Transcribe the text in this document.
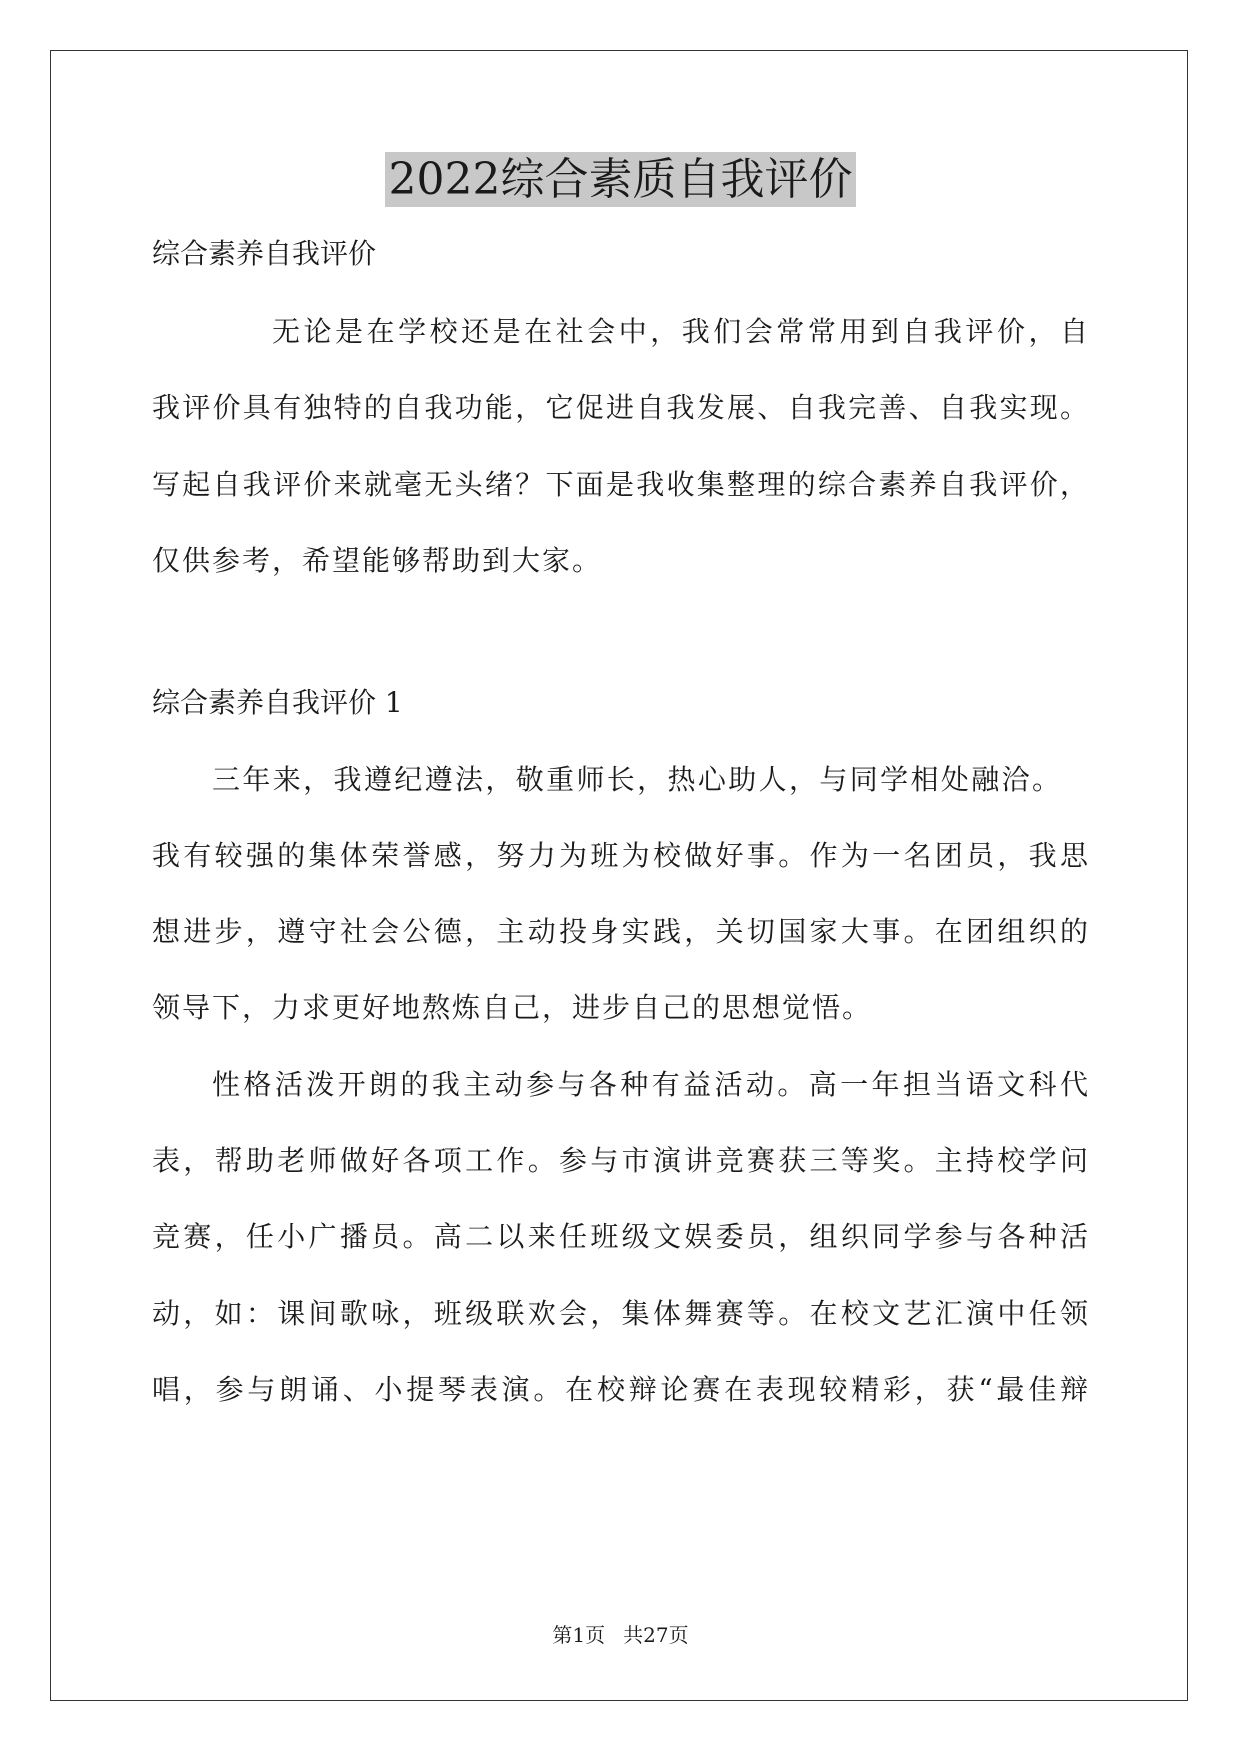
2022综合素质自我评价
综合素养自我评价
无论是在学校还是在社会中，我们会常常用到自我评价，自
我评价具有独特的自我功能，它促进自我发展、自我完善、自我实现。
写起自我评价来就毫无头绪？下面是我收集整理的综合素养自我评价，
仅供参考，希望能够帮助到大家。
综合素养自我评价 1
三年来，我遵纪遵法，敬重师长，热心助人，与同学相处融洽。
我有较强的集体荣誉感，努力为班为校做好事。作为一名团员，我思
想进步，遵守社会公德，主动投身实践，关切国家大事。在团组织的
领导下，力求更好地熬炼自己，进步自己的思想觉悟。
性格活泼开朗的我主动参与各种有益活动。高一年担当语文科代
表，帮助老师做好各项工作。参与市演讲竞赛获三等奖。主持校学问
竞赛，任小广播员。高二以来任班级文娱委员，组织同学参与各种活
动，如：课间歌咏，班级联欢会，集体舞赛等。在校文艺汇演中任领
唱，参与朗诵、小提琴表演。在校辩论赛在表现较精彩，获“最佳辩
第1页 共27页
